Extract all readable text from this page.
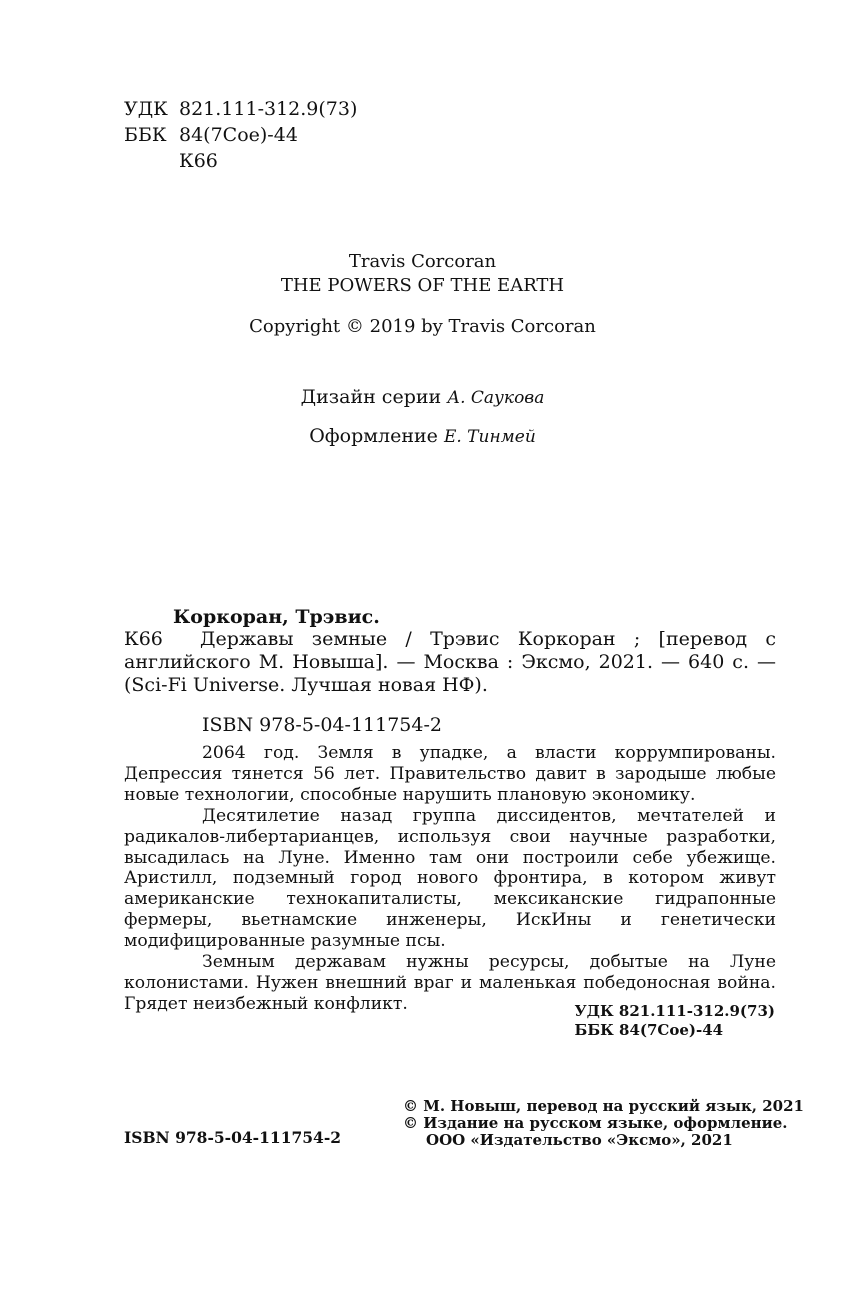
УДК 821.111-312.9(73)
ББК 84(7Сое)-44
К66
Travis Corcoran
THE POWERS OF THE EARTH
Copyright © 2019 by Travis Corcoran
Дизайн серии А. Саукова
Оформление Е. Тинмей
Коркоран, Трэвис.
К66	Державы земные / Трэвис Коркоран ; [перевод с английского М. Новыша]. — Москва : Эксмо, 2021. — 640 с. — (Sci-Fi Universe. Лучшая новая НФ).

ISBN 978-5-04-111754-2

2064 год. Земля в упадке, а власти коррумпированы. Депрессия тянется 56 лет. Правительство давит в зародыше любые новые технологии, способные нарушить плановую экономику.

Десятилетие назад группа диссидентов, мечтателей и радикалов-либертарианцев, используя свои научные разработки, высадилась на Луне. Именно там они построили себе убежище. Аристилл, подземный город нового фронтира, в котором живут американские технокапиталисты, мексиканские гидрапонные фермеры, вьетнамские инженеры, ИскИны и генетически модифицированные разумные псы.

Земным державам нужны ресурсы, добытые на Луне колонистами. Нужен внешний враг и маленькая победоносная война. Грядет неизбежный конфликт.	УДК 821.111-312.9(73)
ББК 84(7Сое)-44
© М. Новыш, перевод на русский язык, 2021
© Издание на русском языке, оформление.
ООО «Издательство «Эксмо», 2021
ISBN 978-5-04-111754-2
